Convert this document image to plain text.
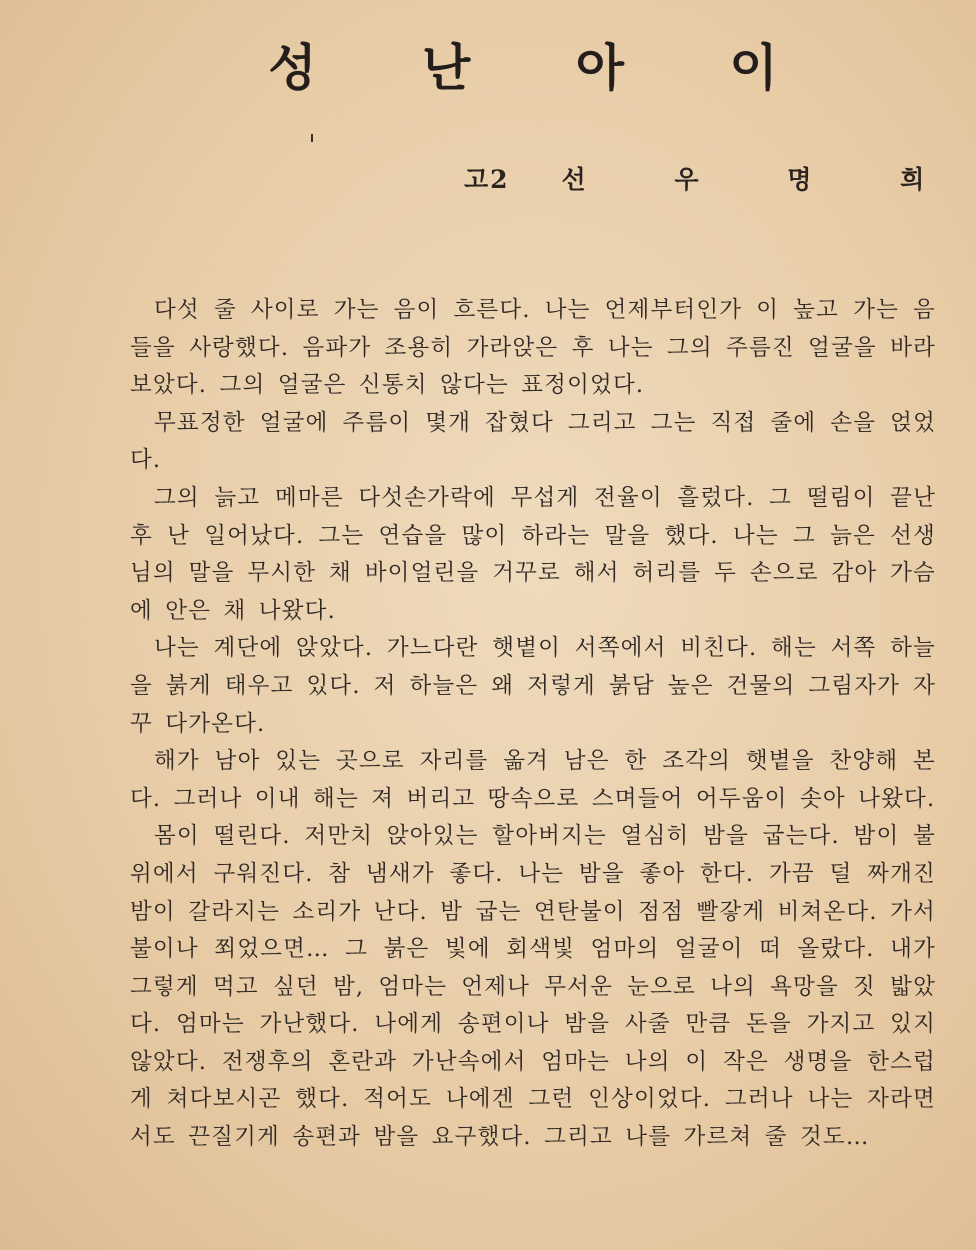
성 난 아 이
고2 선 우 명 희

다섯 줄 사이로 가는 음이 흐른다. 나는 언제부터인가 이 높고 가는 음들을 사랑했다. 음파가 조용히 가라앉은 후 나는 그의 주름진 얼굴을 바라 보았다. 그의 얼굴은 신통치 않다는 표정이었다.

무표정한 얼굴에 주름이 몇개 잡혔다 그리고 그는 직접 줄에 손을 얹었다.

그의 늙고 메마른 다섯손가락에 무섭게 전율이 흘렀다. 그 떨림이 끝난후 난 일어났다. 그는 연습을 많이 하라는 말을 했다. 나는 그 늙은 선생님의 말을 무시한 채 바이얼린을 거꾸로 해서 허리를 두 손으로 감아 가슴에 안은 채 나왔다.

나는 계단에 앉았다. 가느다란 햇볕이 서쪽에서 비친다. 해는 서쪽 하늘을 붉게 태우고 있다. 저 하늘은 왜 저렇게 붉담 높은 건물의 그림자가 자꾸 다가온다.

해가 남아 있는 곳으로 자리를 옮겨 남은 한 조각의 햇볕을 찬양해 본다. 그러나 이내 해는 져 버리고 땅속으로 스며들어 어두움이 솟아 나왔다.

몸이 떨린다. 저만치 앉아있는 할아버지는 열심히 밤을 굽는다. 밤이 불 위에서 구워진다. 참 냄새가 좋다. 나는 밤을 좋아 한다. 가끔 덜 짜개진 밤이 갈라지는 소리가 난다. 밤 굽는 연탄불이 점점 빨갛게 비쳐온다. 가서 불이나 쬐었으면… 그 붉은 빛에 회색빛 엄마의 얼굴이 떠 올랐다. 내가 그렇게 먹고 싶던 밤, 엄마는 언제나 무서운 눈으로 나의 욕망을 짓 밟았다. 엄마는 가난했다. 나에게 송편이나 밤을 사줄 만큼 돈을 가지고 있지 않았다. 전쟁후의 혼란과 가난속에서 엄마는 나의 이 작은 생명을 한스럽게 쳐다보시곤 했다. 적어도 나에겐 그런 인상이었다. 그러나 나는 자라면서도 끈질기게 송편과 밤을 요구했다. 그리고 나를 가르쳐 줄 것도…
